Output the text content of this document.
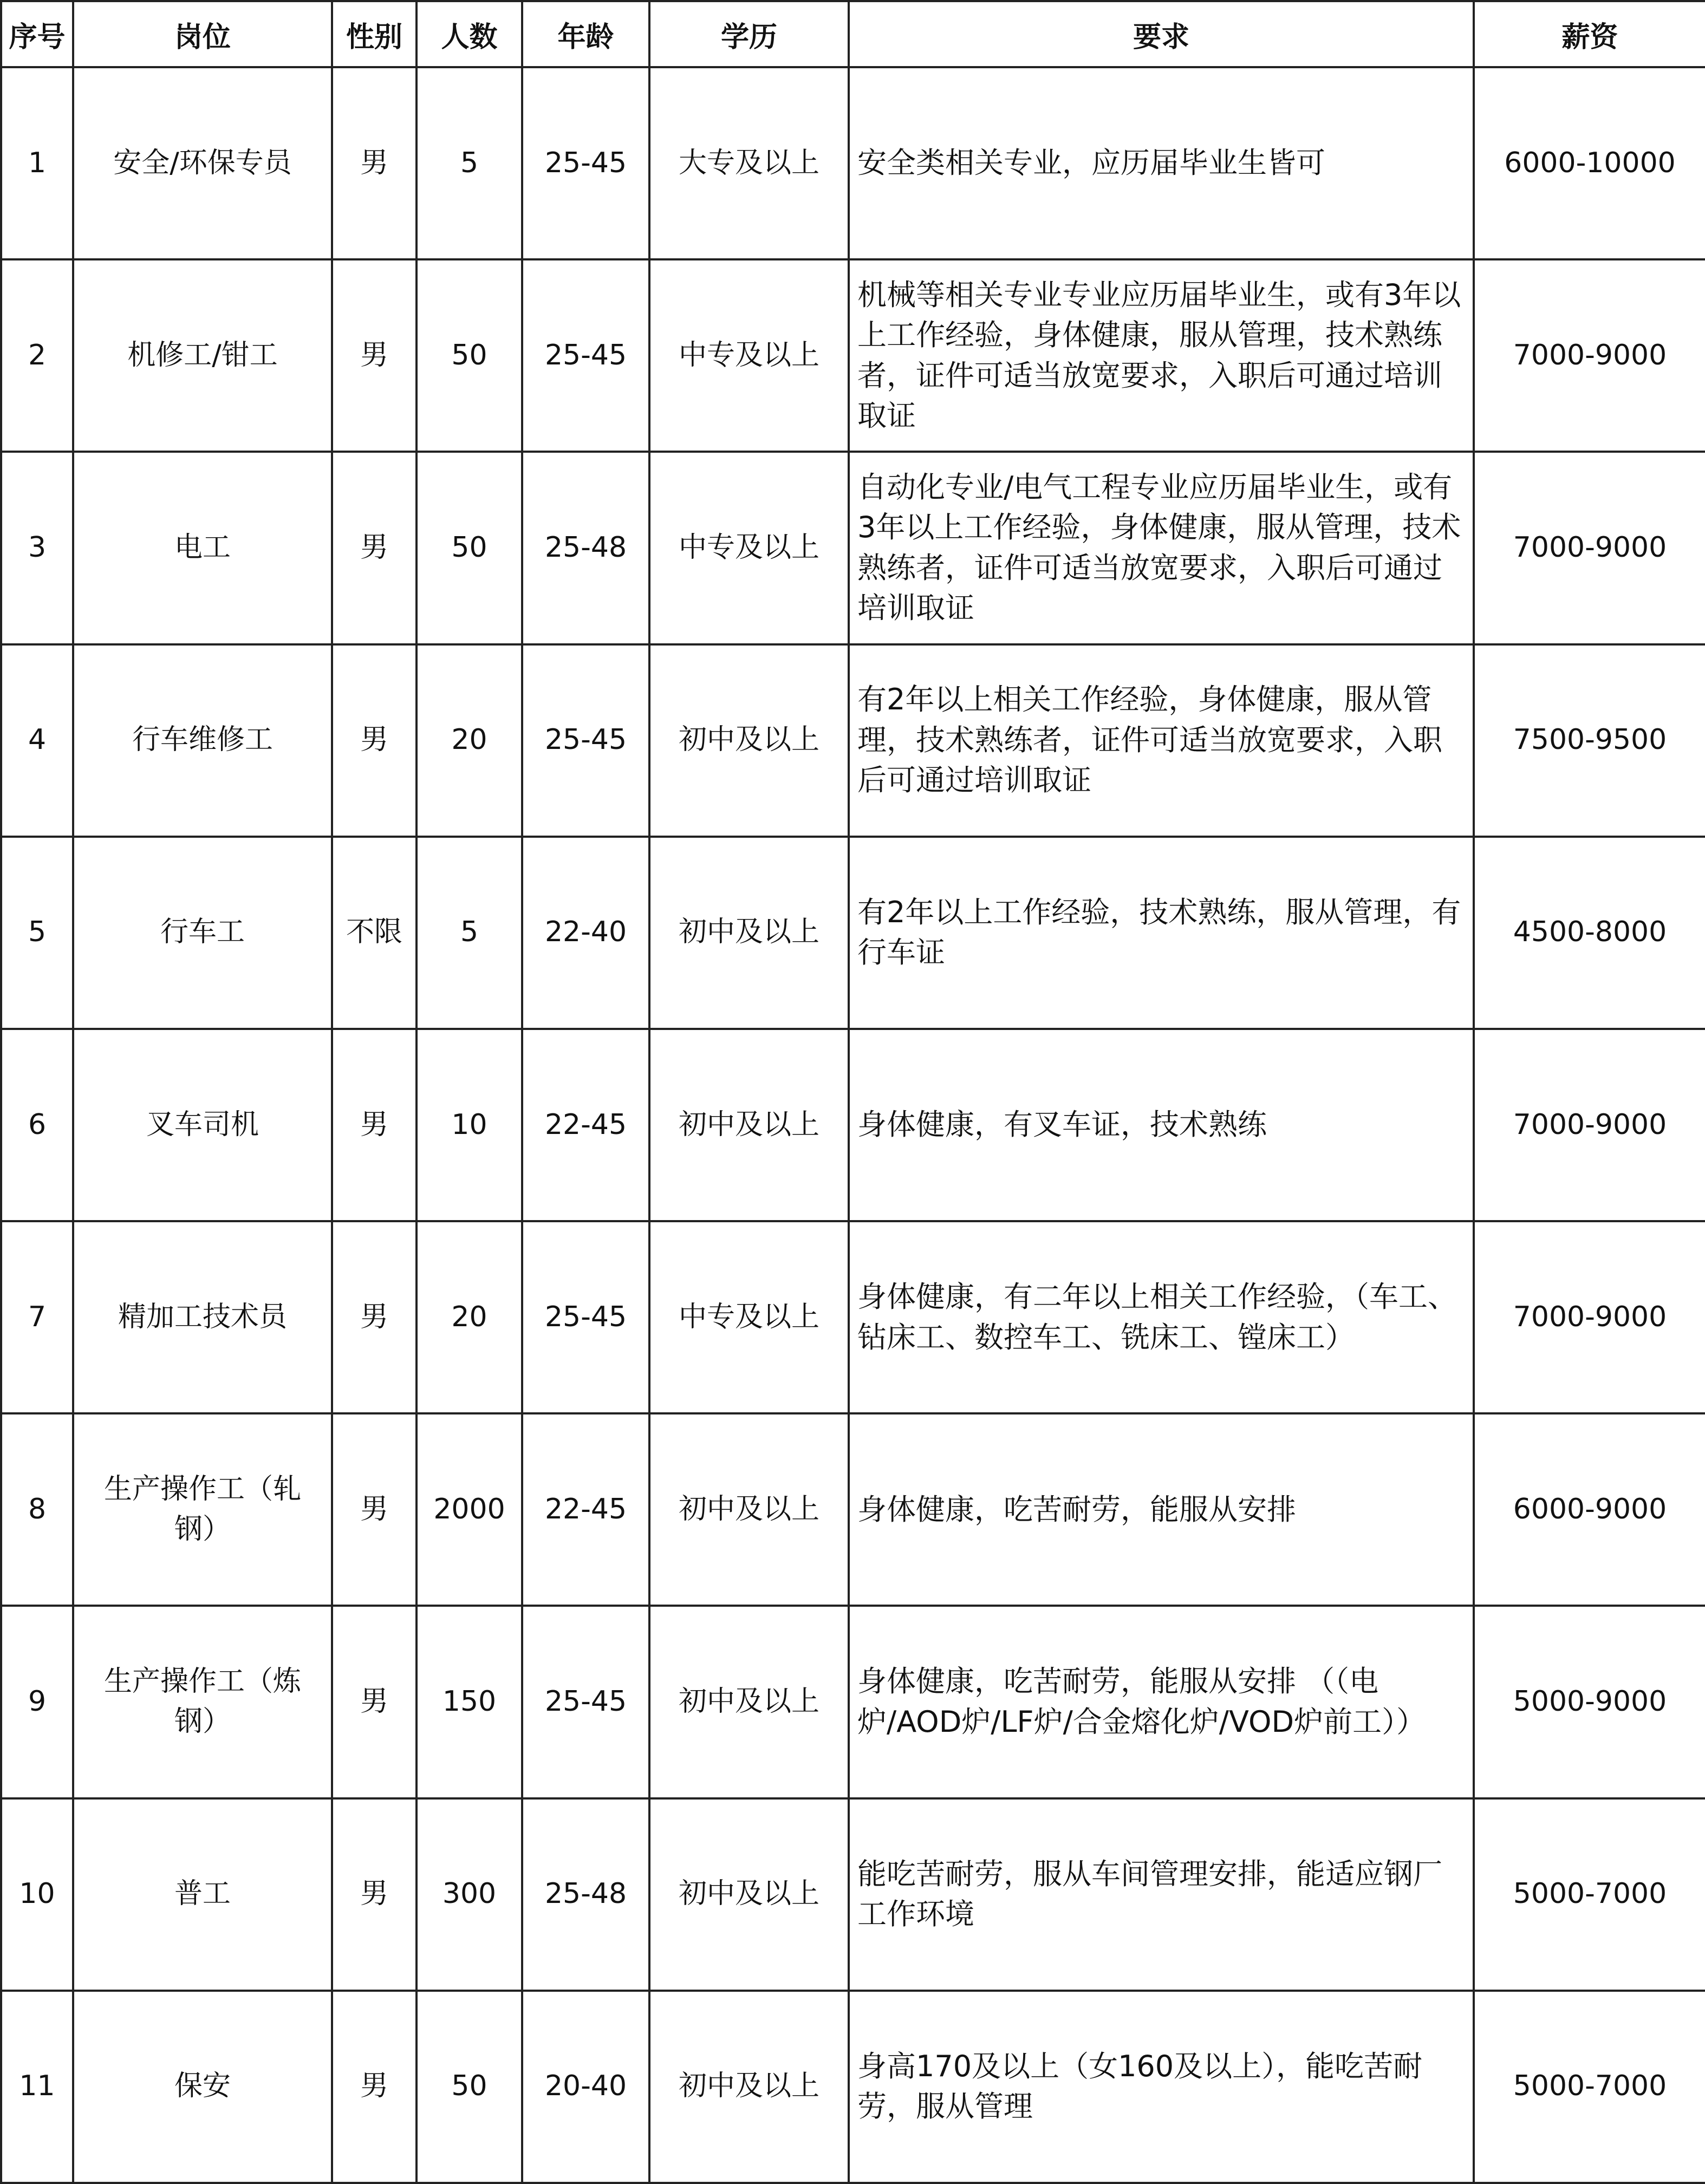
序号	岗位	性别	人数	年龄	学历	要求	薪资
1	安全/环保专员	男	5	25-45	大专及以上	安全类相关专业，应历届毕业生皆可	6000-10000
2	机修工/钳工	男	50	25-45	中专及以上	机械等相关专业专业应历届毕业生，或有3年以上工作经验，身体健康，服从管理，技术熟练者，证件可适当放宽要求，入职后可通过培训取证	7000-9000
3	电工	男	50	25-48	中专及以上	自动化专业/电气工程专业应历届毕业生，或有3年以上工作经验，身体健康，服从管理，技术熟练者，证件可适当放宽要求，入职后可通过培训取证	7000-9000
4	行车维修工	男	20	25-45	初中及以上	有2年以上相关工作经验，身体健康，服从管理，技术熟练者，证件可适当放宽要求，入职后可通过培训取证	7500-9500
5	行车工	不限	5	22-40	初中及以上	有2年以上工作经验，技术熟练，服从管理，有行车证	4500-8000
6	叉车司机	男	10	22-45	初中及以上	身体健康，有叉车证，技术熟练	7000-9000
7	精加工技术员	男	20	25-45	中专及以上	身体健康，有二年以上相关工作经验，（车工、钻床工、数控车工、铣床工、镗床工）	7000-9000
8	生产操作工（轧钢）	男	2000	22-45	初中及以上	身体健康，吃苦耐劳，能服从安排	6000-9000
9	生产操作工（炼钢）	男	150	25-45	初中及以上	身体健康，吃苦耐劳，能服从安排 （（电炉/AOD炉/LF炉/合金熔化炉/VOD炉前工））	5000-9000
10	普工	男	300	25-48	初中及以上	能吃苦耐劳，服从车间管理安排，能适应钢厂工作环境	5000-7000
11	保安	男	50	20-40	初中及以上	身高170及以上（女160及以上），能吃苦耐劳，服从管理	5000-7000
